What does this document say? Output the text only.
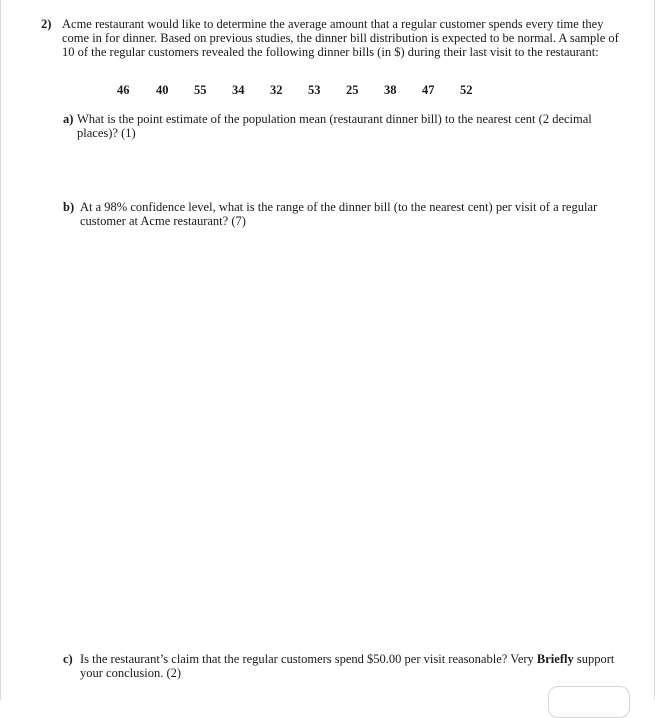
2) Acme restaurant would like to determine the average amount that a regular customer spends every time they come in for dinner. Based on previous studies, the dinner bill distribution is expected to be normal. A sample of 10 of the regular customers revealed the following dinner bills (in $) during their last visit to the restaurant:
46 40 55 34 32 53 25 38 47 52
a) What is the point estimate of the population mean (restaurant dinner bill) to the nearest cent (2 decimal places)? (1)
b) At a 98% confidence level, what is the range of the dinner bill (to the nearest cent) per visit of a regular customer at Acme restaurant? (7)
c) Is the restaurant’s claim that the regular customers spend $50.00 per visit reasonable? Very Briefly support your conclusion. (2)
